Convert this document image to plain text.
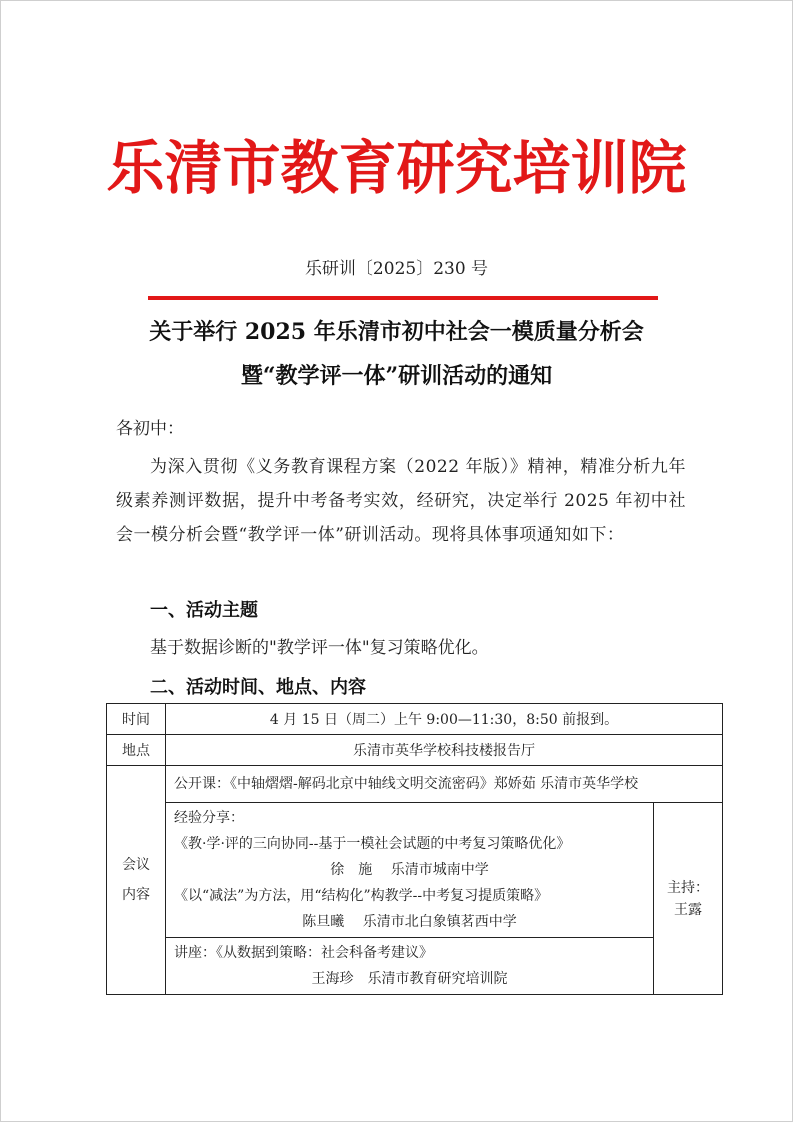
乐清市教育研究培训院
乐研训〔2025〕230 号
关于举行 2025 年乐清市初中社会一模质量分析会
暨“教学评一体”研训活动的通知
各初中：
为深入贯彻《义务教育课程方案（2022 年版）》精神，精准分析九年级素养测评数据，提升中考备考实效，经研究，决定举行 2025 年初中社会一模分析会暨“教学评一体”研训活动。现将具体事项通知如下：
一、活动主题
基于数据诊断的"教学评一体"复习策略优化。
二、活动时间、地点、内容
时间	4 月 15 日（周二）上午 9:00—11:30，8:50 前报到。	
地点	乐清市英华学校科技楼报告厅	

会议
内容	公开课：《中轴熠熠-解码北京中轴线文明交流密码》郑娇茹 乐清市英华学校	

	经验分享：
《教·学·评的三向协同--基于一模社会试题的中考复习策略优化》
徐　施　 乐清市城南中学
《以“减法”为方法，用“结构化”构教学--中考复习提质策略》
陈旦曦　 乐清市北白象镇茗西中学	主持：
王露

	讲座：《从数据到策略：社会科备考建议》
王海珍　乐清市教育研究培训院	
